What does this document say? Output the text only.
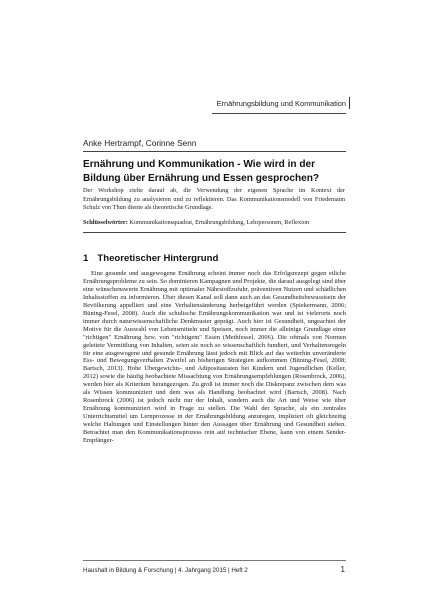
Ernährungsbildung und Kommunikation
Anke Hertrampf, Corinne Senn
Ernährung und Kommunikation - Wie wird in der Bildung über Ernährung und Essen gesprochen?
Der Workshop zielte darauf ab, die Verwendung der eigenen Sprache im Kontext der Ernährungsbildung zu analysieren und zu reflektieren. Das Kommunikationsmodell von Friedemann Schulz von Thun diente als theoretische Grundlage.
Schlüsselwörter: Kommunikationsquadrat, Ernährungsbildung, Lehrpersonen, Reflexion
1 Theoretischer Hintergrund
Eine gesunde und ausgewogene Ernährung scheint immer noch das Erfolgsrezept gegen etliche Ernährungsprobleme zu sein. So dominieren Kampagnen und Projekte, die darauf ausgelegt sind über eine wünschenswerte Ernährung mit optimaler Nährstoffzufuhr, präventiven Nutzen und schädlichen Inhaltsstoffen zu informieren. Über diesen Kanal soll dann auch an das Gesundheitsbewusstsein der Bevölkerung appelliert und eine Verhaltensänderung herbeigeführt werden (Spiekermann, 2006; Büning-Fesel, 2008). Auch die schulische Ernährungskommunikation war und ist vielerorts noch immer durch naturwissenschaftliche Denkmuster geprägt. Auch hier ist Gesundheit, ungeachtet der Motive für die Auswahl von Lebensmitteln und Speisen, noch immer die alleinige Grundlage einer "richtigen" Ernährung bzw. von "richtigem" Essen (Methfessel, 2006). Die oftmals von Normen geleitete Vermittlung von Inhalten, seien sie noch so wissenschaftlich fundiert, und Verhaltensregeln für eine ausgewogene und gesunde Ernährung lässt jedoch mit Blick auf das weiterhin unveränderte Ess- und Bewegungsverhalten Zweifel an bisherigen Strategien aufkommen (Büning-Fesel, 2008; Bartsch, 2013). Hohe Übergewichts- und Adipositasraten bei Kindern und Jugendlichen (Keller, 2012) sowie die häufig beobachtete Missachtung von Ernährungsempfehlungen (Rosenbrock, 2006), werden hier als Kriterium herangezogen. Zu groß ist immer noch die Diskrepanz zwischen dem was als Wissen kommuniziert und dem was als Handlung beobachtet wird (Bartsch, 2008). Nach Rosenbrock (2006) ist jedoch nicht nur der Inhalt, sondern auch die Art und Weise wie über Ernährung kommuniziert wird in Frage zu stellen. Die Wahl der Sprache, als ein zentrales Unterrichtsmittel um Lernprozesse in der Ernährungsbildung anzuregen, impliziert oft gleichzeitig welche Haltungen und Einstellungen hinter den Aussagen über Ernährung und Gesundheit stehen. Betrachtet man den Kommunikationsprozess rein auf technischer Ebene, kann von einem Sender-Empfänger-
Haushalt in Bildung & Forschung | 4. Jahrgang 2015 | Heft 2	1
